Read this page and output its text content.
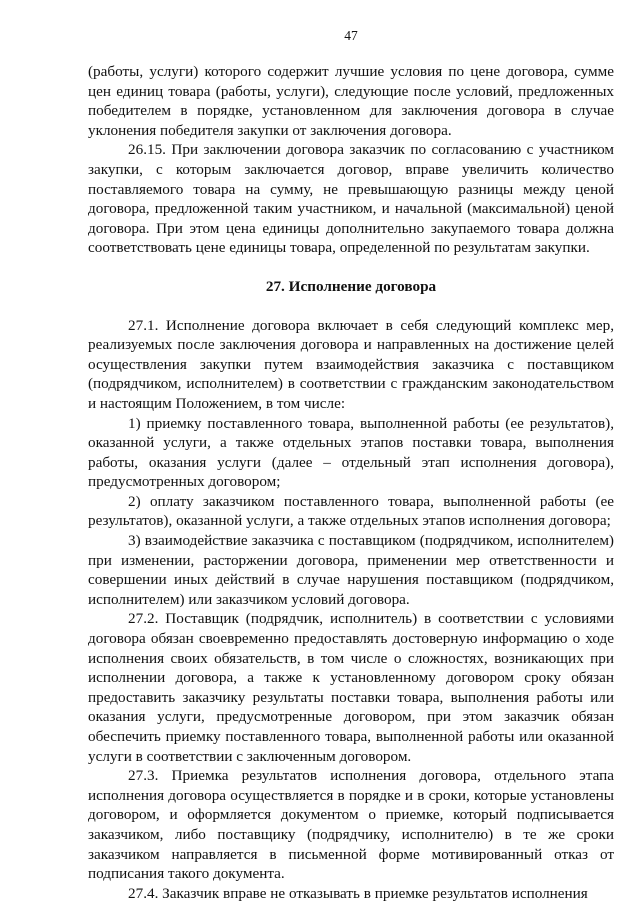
47

(работы, услуги) которого содержит лучшие условия по цене договора, сумме цен единиц товара (работы, услуги), следующие после условий, предложенных победителем в порядке, установленном для заключения договора в случае уклонения победителя закупки от заключения договора.

26.15. При заключении договора заказчик по согласованию с участником закупки, с которым заключается договор, вправе увеличить количество поставляемого товара на сумму, не превышающую разницы между ценой договора, предложенной таким участником, и начальной (максимальной) ценой договора. При этом цена единицы дополнительно закупаемого товара должна соответствовать цене единицы товара, определенной по результатам закупки.

27. Исполнение договора

27.1. Исполнение договора включает в себя следующий комплекс мер, реализуемых после заключения договора и направленных на достижение целей осуществления закупки путем взаимодействия заказчика с поставщиком (подрядчиком, исполнителем) в соответствии с гражданским законодательством и настоящим Положением, в том числе:

1) приемку поставленного товара, выполненной работы (ее результатов), оказанной услуги, а также отдельных этапов поставки товара, выполнения работы, оказания услуги (далее – отдельный этап исполнения договора), предусмотренных договором;

2) оплату заказчиком поставленного товара, выполненной работы (ее результатов), оказанной услуги, а также отдельных этапов исполнения договора;

3) взаимодействие заказчика с поставщиком (подрядчиком, исполнителем) при изменении, расторжении договора, применении мер ответственности и совершении иных действий в случае нарушения поставщиком (подрядчиком, исполнителем) или заказчиком условий договора.

27.2. Поставщик (подрядчик, исполнитель) в соответствии с условиями договора обязан своевременно предоставлять достоверную информацию о ходе исполнения своих обязательств, в том числе о сложностях, возникающих при исполнении договора, а также к установленному договором сроку обязан предоставить заказчику результаты поставки товара, выполнения работы или оказания услуги, предусмотренные договором, при этом заказчик обязан обеспечить приемку поставленного товара, выполненной работы или оказанной услуги в соответствии с заключенным договором.

27.3. Приемка результатов исполнения договора, отдельного этапа исполнения договора осуществляется в порядке и в сроки, которые установлены договором, и оформляется документом о приемке, который подписывается заказчиком, либо поставщику (подрядчику, исполнителю) в те же сроки заказчиком направляется в письменной форме мотивированный отказ от подписания такого документа.

27.4. Заказчик вправе не отказывать в приемке результатов исполнения
